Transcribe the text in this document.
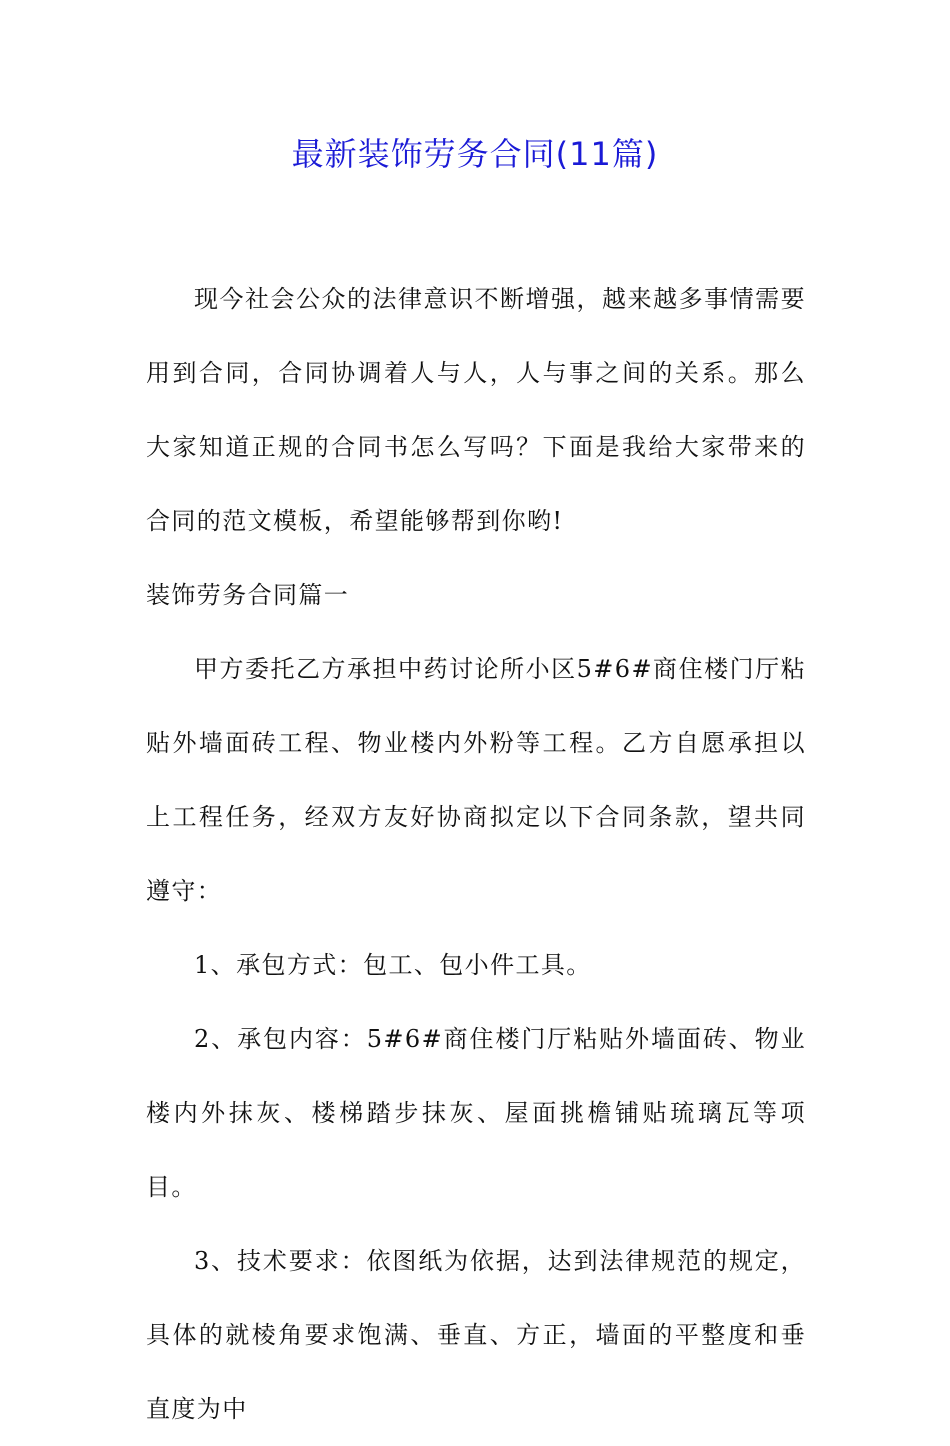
最新装饰劳务合同(11篇)

现今社会公众的法律意识不断增强，越来越多事情需要用到合同，合同协调着人与人，人与事之间的关系。那么大家知道正规的合同书怎么写吗？下面是我给大家带来的合同的范文模板，希望能够帮到你哟!

装饰劳务合同篇一

甲方委托乙方承担中药讨论所小区5#6#商住楼门厅粘贴外墙面砖工程、物业楼内外粉等工程。乙方自愿承担以上工程任务，经双方友好协商拟定以下合同条款，望共同遵守：

1、承包方式：包工、包小件工具。

2、承包内容：5#6#商住楼门厅粘贴外墙面砖、物业楼内外抹灰、楼梯踏步抹灰、屋面挑檐铺贴琉璃瓦等项目。

3、技术要求：依图纸为依据，达到法律规范的规定，具体的就棱角要求饱满、垂直、方正，墙面的平整度和垂直度为中
